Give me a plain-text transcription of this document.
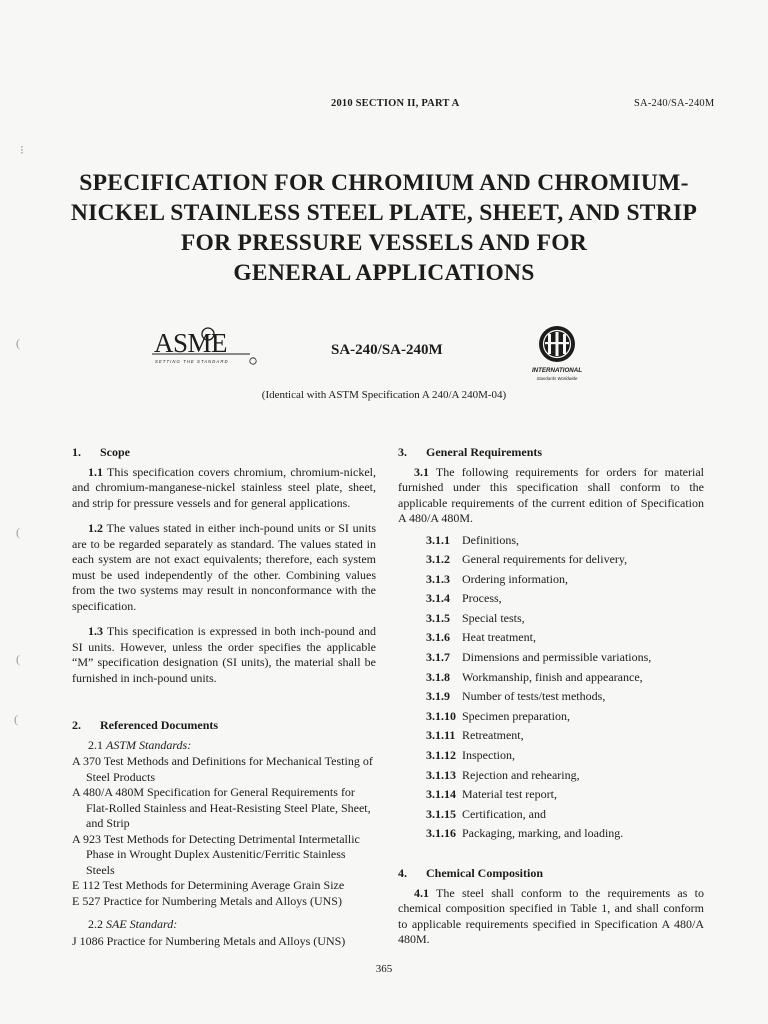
2010 SECTION II, PART A	SA-240/SA-240M
⁝
(
(
(
(
SPECIFICATION FOR CHROMIUM AND CHROMIUM-
NICKEL STAINLESS STEEL PLATE, SHEET, AND STRIP
FOR PRESSURE VESSELS AND FOR
GENERAL APPLICATIONS
ASME
SETTING THE STANDARD
SA-240/SA-240M
INTERNATIONAL
Standards Worldwide
(Identical with ASTM Specification A 240/A 240M-04)
1. Scope

1.1 This specification covers chromium, chromium-nickel, and chromium-manganese-nickel stainless steel plate, sheet, and strip for pressure vessels and for general applications.

1.2 The values stated in either inch-pound units or SI units are to be regarded separately as standard. The values stated in each system are not exact equivalents; therefore, each system must be used independently of the other. Combining values from the two systems may result in nonconformance with the specification.

1.3 This specification is expressed in both inch-pound and SI units. However, unless the order specifies the applicable “M” specification designation (SI units), the material shall be furnished in inch-pound units.

2. Referenced Documents
2.1 ASTM Standards:
A 370 Test Methods and Definitions for Mechanical Testing of Steel Products
A 480/A 480M Specification for General Requirements for Flat-Rolled Stainless and Heat-Resisting Steel Plate, Sheet, and Strip
A 923 Test Methods for Detecting Detrimental Intermetallic Phase in Wrought Duplex Austenitic/Ferritic Stainless Steels
E 112 Test Methods for Determining Average Grain Size
E 527 Practice for Numbering Metals and Alloys (UNS)
2.2 SAE Standard:
J 1086 Practice for Numbering Metals and Alloys (UNS)
3. General Requirements

3.1 The following requirements for orders for material furnished under this specification shall conform to the applicable requirements of the current edition of Specification A 480/A 480M.

3.1.1 Definitions,
3.1.2 General requirements for delivery,
3.1.3 Ordering information,
3.1.4 Process,
3.1.5 Special tests,
3.1.6 Heat treatment,
3.1.7 Dimensions and permissible variations,
3.1.8 Workmanship, finish and appearance,
3.1.9 Number of tests/test methods,
3.1.10 Specimen preparation,
3.1.11 Retreatment,
3.1.12 Inspection,
3.1.13 Rejection and rehearing,
3.1.14 Material test report,
3.1.15 Certification, and
3.1.16 Packaging, marking, and loading.
4. Chemical Composition

4.1 The steel shall conform to the requirements as to chemical composition specified in Table 1, and shall conform to applicable requirements specified in Specification A 480/A 480M.

365
